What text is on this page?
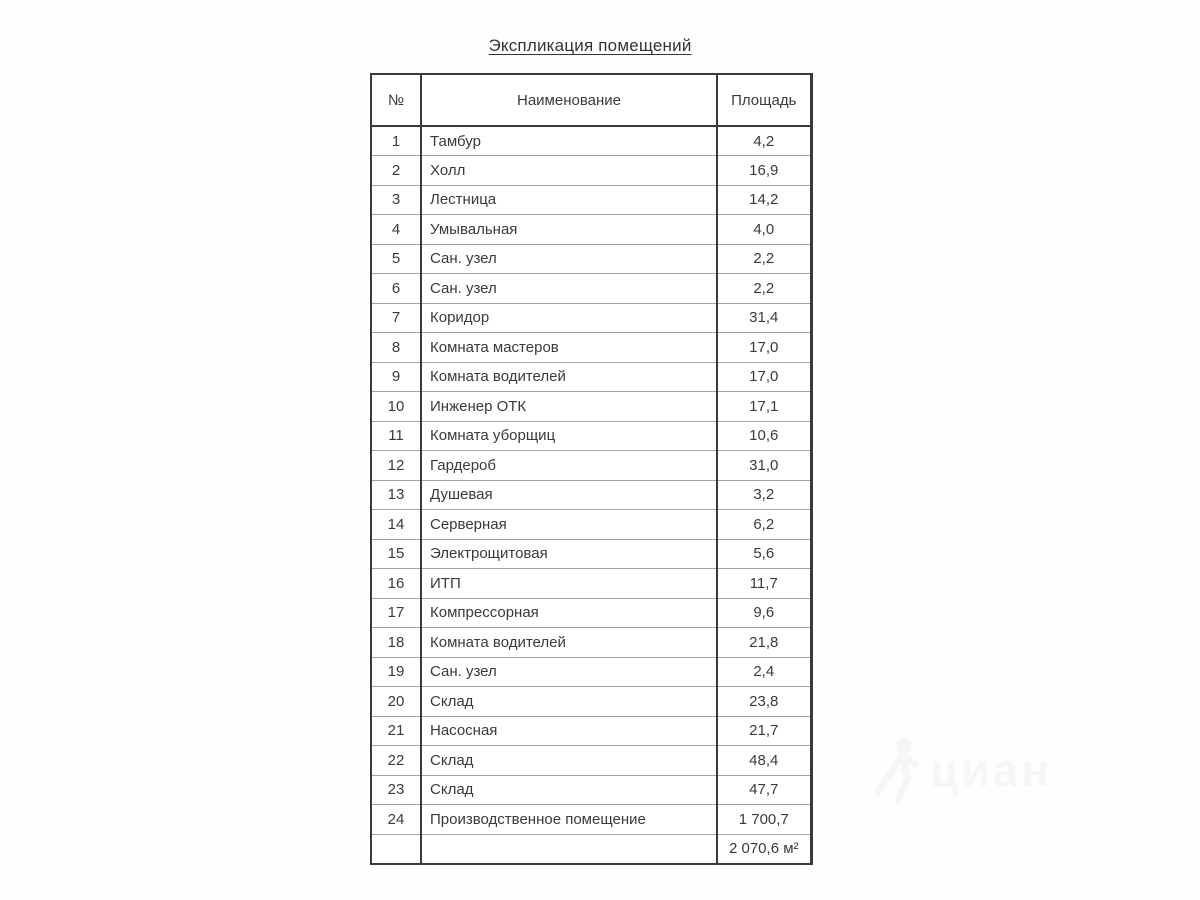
Экспликация помещений
№	Наименование	Площадь
1	Тамбур	4,2
2	Холл	16,9
3	Лестница	14,2
4	Умывальная	4,0
5	Сан. узел	2,2
6	Сан. узел	2,2
7	Коридор	31,4
8	Комната мастеров	17,0
9	Комната водителей	17,0
10	Инженер ОТК	17,1
11	Комната уборщиц	10,6
12	Гардероб	31,0
13	Душевая	3,2
14	Серверная	6,2
15	Электрощитовая	5,6
16	ИТП	11,7
17	Компрессорная	9,6
18	Комната водителей	21,8
19	Сан. узел	2,4
20	Склад	23,8
21	Насосная	21,7
22	Склад	48,4
23	Склад	47,7
24	Производственное помещение	1 700,7
		2 070,6 м²
